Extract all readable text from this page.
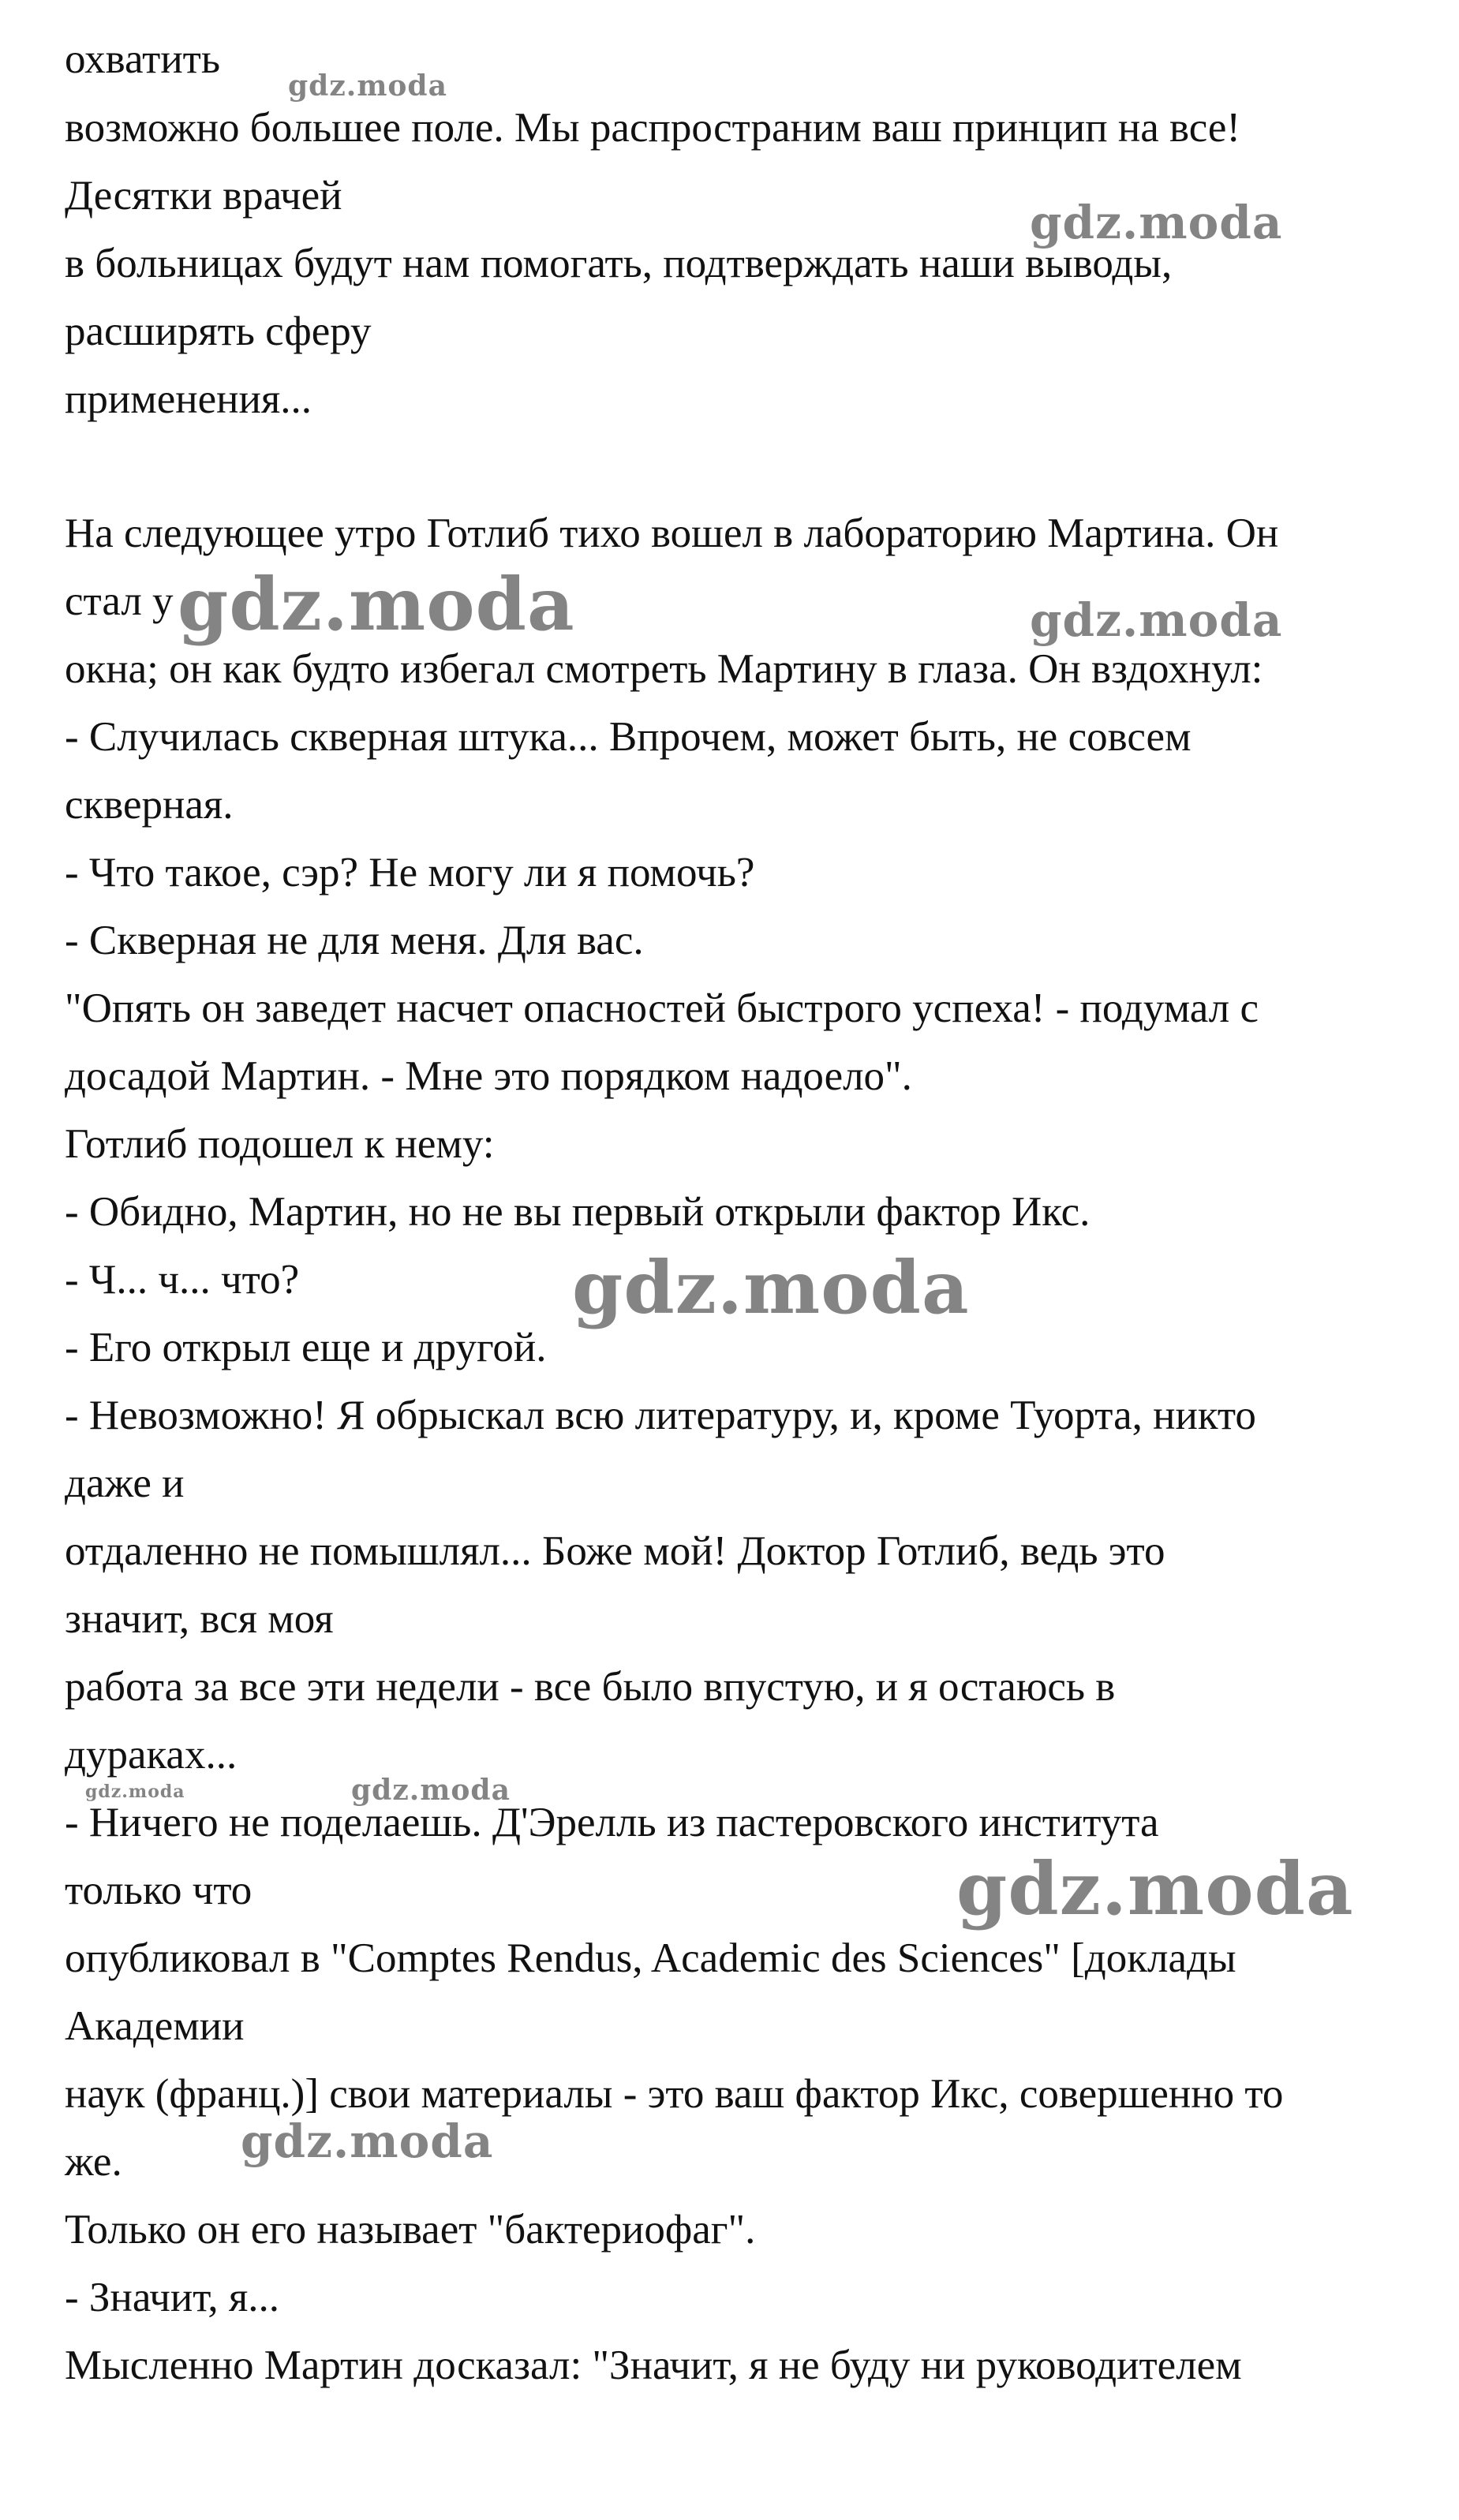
охватить
возможно большее поле. Мы распространим ваш принцип на все!
Десятки врачей
в больницах будут нам помогать, подтверждать наши выводы,
расширять сферу
применения...
На следующее утро Готлиб тихо вошел в лабораторию Мартина. Он
стал у
окна; он как будто избегал смотреть Мартину в глаза. Он вздохнул:
- Случилась скверная штука... Впрочем, может быть, не совсем
скверная.
- Что такое, сэр? Не могу ли я помочь?
- Скверная не для меня. Для вас.
"Опять он заведет насчет опасностей быстрого успеха! - подумал с
досадой Мартин. - Мне это порядком надоело".
Готлиб подошел к нему:
- Обидно, Мартин, но не вы первый открыли фактор Икс.
- Ч... ч... что?
- Его открыл еще и другой.
- Невозможно! Я обрыскал всю литературу, и, кроме Туорта, никто
даже и
отдаленно не помышлял... Боже мой! Доктор Готлиб, ведь это
значит, вся моя
работа за все эти недели - все было впустую, и я остаюсь в
дураках...
- Ничего не поделаешь. Д'Эрелль из пастеровского института
только что
опубликовал в "Comptes Rendus, Academic des Sciences" [доклады
Академии
наук (франц.)] свои материалы - это ваш фактор Икс, совершенно то
же.
Только он его называет "бактериофаг".
- Значит, я...
Мысленно Мартин досказал: "Значит, я не буду ни руководителем
gdz.moda
gdz.moda
gdz.moda	gdz.moda
gdz.moda
gdz.moda	gdz.moda
gdz.moda
gdz.moda
